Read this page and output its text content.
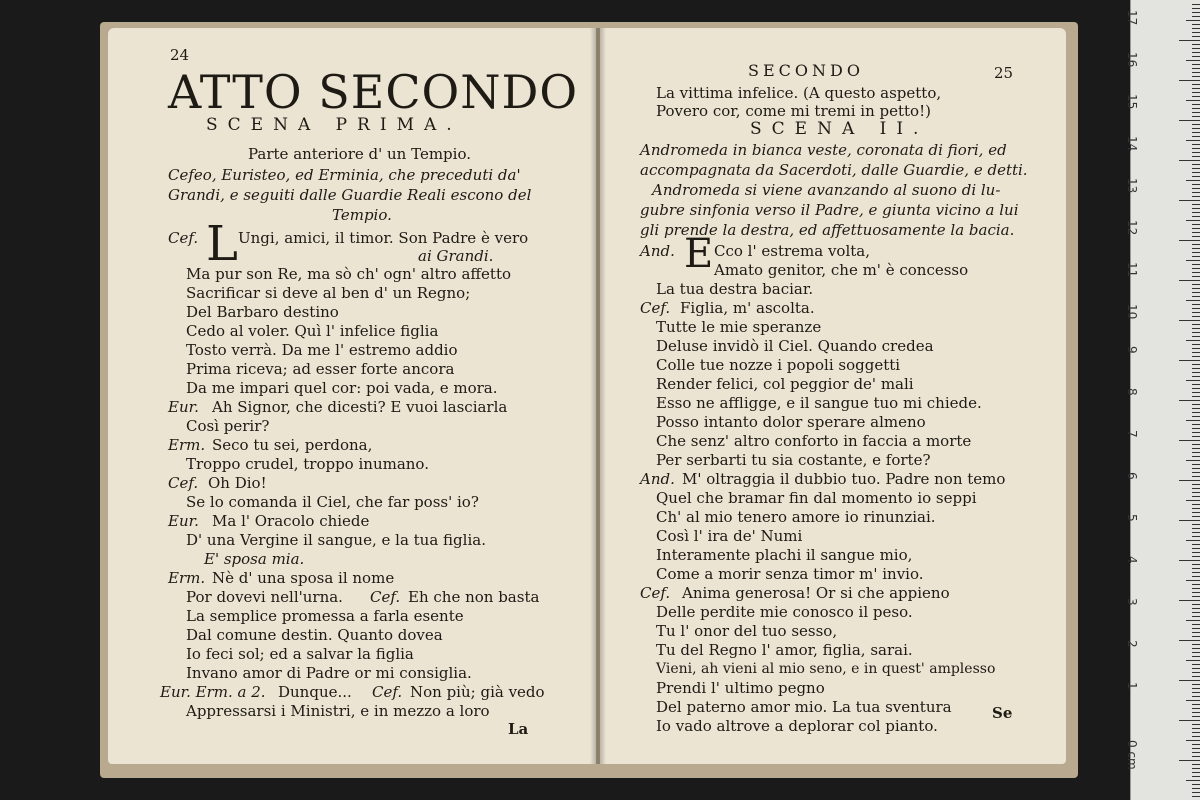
24
ATTO SECONDO
SCENA PRIMA.
Parte anteriore d' un Tempio.
Cefeo, Euristeo, ed Erminia, che preceduti da'
Grandi, e seguiti dalle Guardie Reali escono del
Tempio.
Cef. L Ungi, amici, il timor. Son Padre è vero
ai Grandi.
Ma pur son Re, ma sò ch' ogn' altro affetto
Sacrificar si deve al ben d' un Regno;
Del Barbaro destino
Cedo al voler. Quì l' infelice figlia
Tosto verrà. Da me l' estremo addio
Prima riceva; ad esser forte ancora
Da me impari quel cor: poi vada, e mora.
Eur. Ah Signor, che dicesti? E vuoi lasciarla
Così perir?
Erm. Seco tu sei, perdona,
Troppo crudel, troppo inumano.
Cef. Oh Dio!
Se lo comanda il Ciel, che far poss' io?
Eur. Ma l' Oracolo chiede
D' una Vergine il sangue, e la tua figlia.
E' sposa mia.
Erm. Nè d' una sposa il nome
Por dovevi nell'urna. Cef. Eh che non basta
La semplice promessa a farla esente
Dal comune destin. Quanto dovea
Io feci sol; ed a salvar la figlia
Invano amor di Padre or mi consiglia.
Eur. Erm. a 2. Dunque... Cef. Non più; già vedo
Appressarsi i Ministri, e in mezzo a loro
La
SECONDO	25
La vittima infelice. (A questo aspetto,
Povero cor, come mi tremi in petto!)
SCENA II.
Andromeda in bianca veste, coronata di fiori, ed
accompagnata da Sacerdoti, dalle Guardie, e detti.
Andromeda si viene avanzando al suono di lu-
gubre sinfonia verso il Padre, e giunta vicino a lui
gli prende la destra, ed affettuosamente la bacia.
And. E Cco l' estrema volta,
Amato genitor, che m' è concesso
La tua destra baciar.
Cef. Figlia, m' ascolta.
Tutte le mie speranze
Deluse invidò il Ciel. Quando credea
Colle tue nozze i popoli soggetti
Render felici, col peggior de' mali
Esso ne affligge, e il sangue tuo mi chiede.
Posso intanto dolor sperare almeno
Che senz' altro conforto in faccia a morte
Per serbarti tu sia costante, e forte?
And. M' oltraggia il dubbio tuo. Padre non temo
Quel che bramar fin dal momento io seppi
Ch' al mio tenero amore io rinunziai.
Così l' ira de' Numi
Interamente plachi il sangue mio,
Come a morir senza timor m' invio.
Cef. Anima generosa! Or si che appieno
Delle perdite mie conosco il peso.
Tu l' onor del tuo sesso,
Tu del Regno l' amor, figlia, sarai.
Vieni, ah vieni al mio seno, e in quest' amplesso
Prendi l' ultimo pegno
Del paterno amor mio. La tua sventura
Io vado altrove a deplorar col pianto.
Se
17
16
15
14
13
12
11
10
9
8
7
6
5
4
3
2
1
0 cm
